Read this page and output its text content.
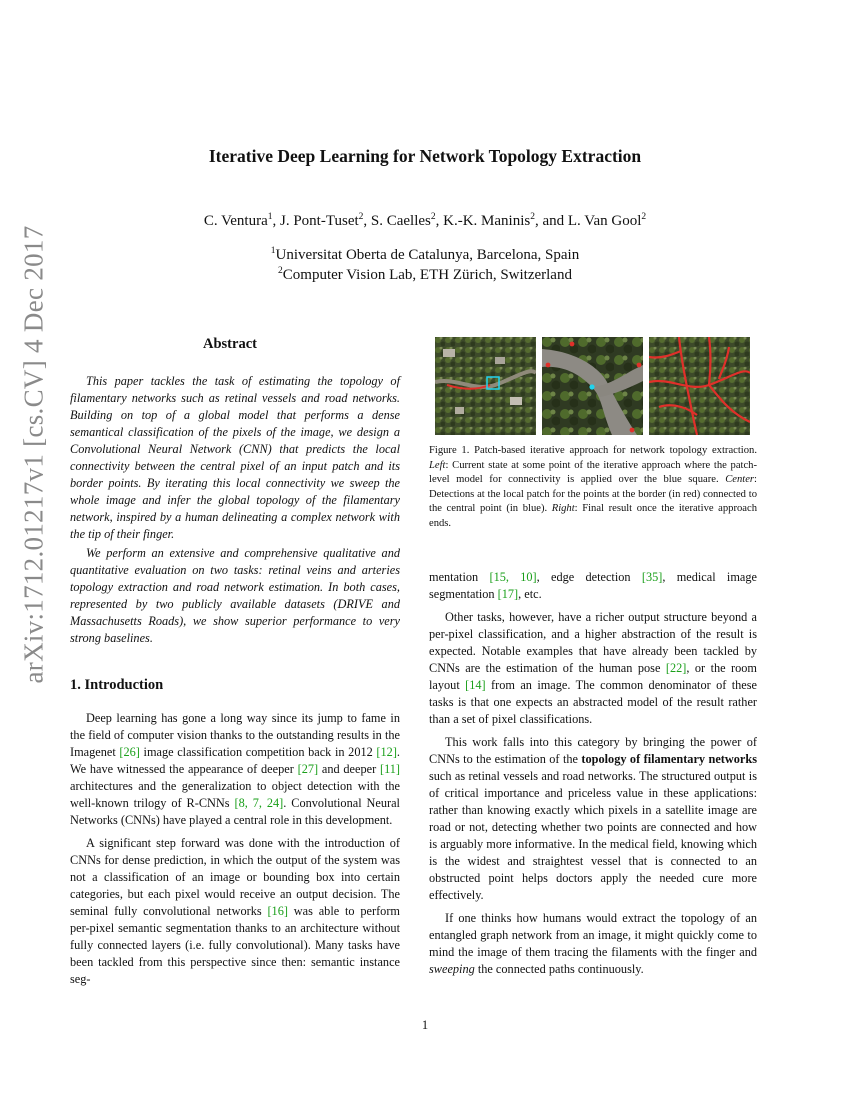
arXiv:1712.01217v1 [cs.CV] 4 Dec 2017
Iterative Deep Learning for Network Topology Extraction
C. Ventura$^1$, J. Pont-Tuset$^2$, S. Caelles$^2$, K.-K. Maninis$^2$, and L. Van Gool$^2$
$^1$Universitat Oberta de Catalunya, Barcelona, Spain
$^2$Computer Vision Lab, ETH Zürich, Switzerland
Abstract

This paper tackles the task of estimating the topology of filamentary networks such as retinal vessels and road networks. Building on top of a global model that performs a dense semantical classification of the pixels of the image, we design a Convolutional Neural Network (CNN) that predicts the local connectivity between the central pixel of an input patch and its border points. By iterating this local connectivity we sweep the whole image and infer the global topology of the filamentary network, inspired by a human delineating a complex network with the tip of their finger.

We perform an extensive and comprehensive qualitative and quantitative evaluation on two tasks: retinal veins and arteries topology extraction and road network estimation. In both cases, represented by two publicly available datasets (DRIVE and Massachusetts Roads), we show superior performance to very strong baselines.

1. Introduction

Deep learning has gone a long way since its jump to fame in the field of computer vision thanks to the outstanding results in the Imagenet [26] image classification competition back in 2012 [12]. We have witnessed the appearance of deeper [27] and deeper [11] architectures and the generalization to object detection with the well-known trilogy of R-CNNs [8, 7, 24]. Convolutional Neural Networks (CNNs) have played a central role in this development.

A significant step forward was done with the introduction of CNNs for dense prediction, in which the output of the system was not a classification of an image or bounding box into certain categories, but each pixel would receive an output decision. The seminal fully convolutional networks [16] was able to perform per-pixel semantic segmentation thanks to an architecture without fully connected layers (i.e. fully convolutional). Many tasks have been tackled from this perspective since then: semantic instance seg-

Figure 1. Patch-based iterative approach for network topology extraction. Left: Current state at some point of the iterative approach where the patch-level model for connectivity is applied over the blue square. Center: Detections at the local patch for the points at the border (in red) connected to the central point (in blue). Right: Final result once the iterative approach ends.

mentation [15, 10], edge detection [35], medical image segmentation [17], etc.

Other tasks, however, have a richer output structure beyond a per-pixel classification, and a higher abstraction of the result is expected. Notable examples that have already been tackled by CNNs are the estimation of the human pose [22], or the room layout [14] from an image. The common denominator of these tasks is that one expects an abstracted model of the result rather than a set of pixel classifications.

This work falls into this category by bringing the power of CNNs to the estimation of the topology of filamentary networks such as retinal vessels and road networks. The structured output is of critical importance and priceless value in these applications: rather than knowing exactly which pixels in a satellite image are road or not, detecting whether two points are connected and how is arguably more informative. In the medical field, knowing which is the widest and straightest vessel that is connected to an obstructed point helps doctors apply the needed cure more effectively.

If one thinks how humans would extract the topology of an entangled graph network from an image, it might quickly come to mind the image of them tracing the filaments with the finger and sweeping the connected paths continuously.

1
